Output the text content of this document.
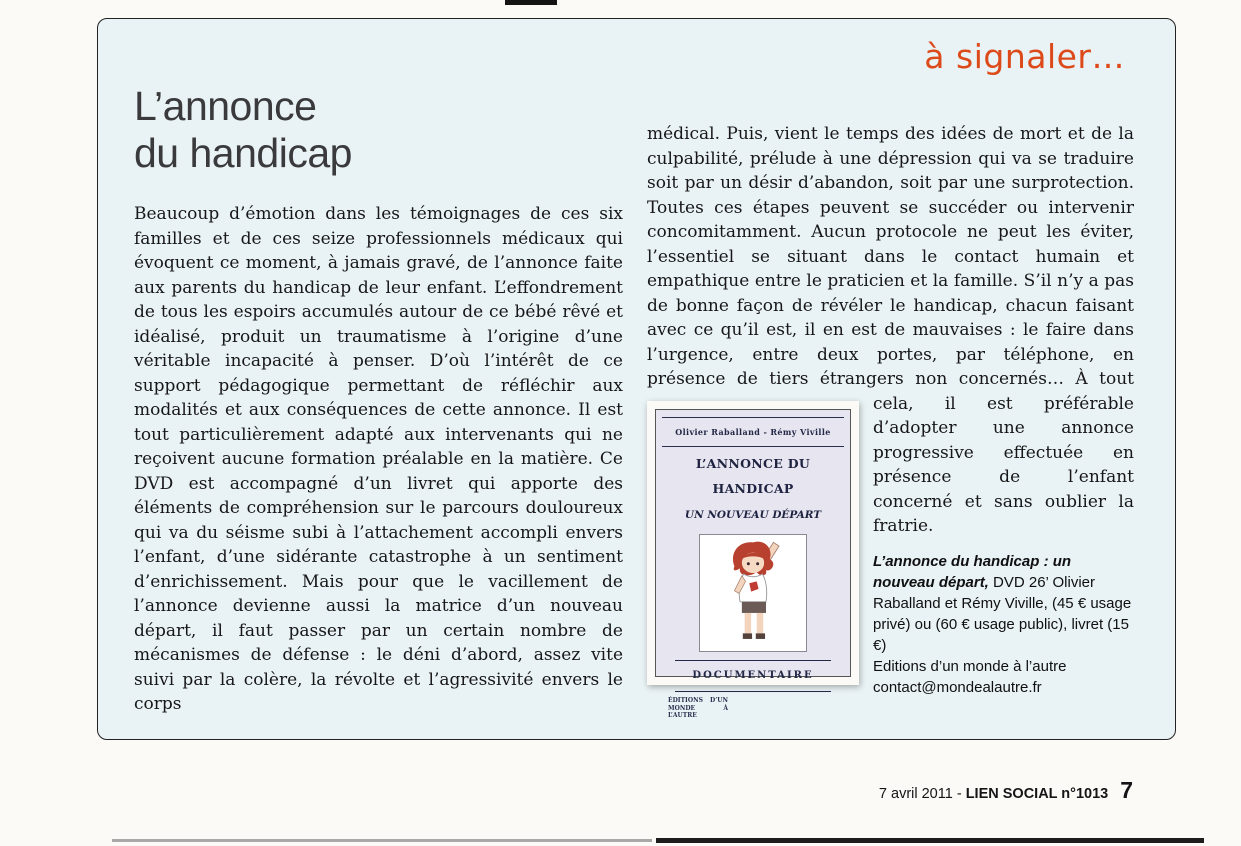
à signaler…
L’annonce
du handicap
Beaucoup d’émotion dans les témoignages de ces six familles et de ces seize professionnels médicaux qui évoquent ce moment, à jamais gravé, de l’annonce faite aux parents du handicap de leur enfant. L’effondrement de tous les espoirs accumulés autour de ce bébé rêvé et idéalisé, produit un traumatisme à l’origine d’une véritable incapacité à penser. D’où l’intérêt de ce support pédagogique permettant de réfléchir aux modalités et aux conséquences de cette annonce. Il est tout particulièrement adapté aux intervenants qui ne reçoivent aucune formation préalable en la matière. Ce DVD est accompagné d’un livret qui apporte des éléments de compréhension sur le parcours douloureux qui va du séisme subi à l’attachement accompli envers l’enfant, d’une sidérante catastrophe à un sentiment d’enrichissement. Mais pour que le vacillement de l’annonce devienne aussi la matrice d’un nouveau départ, il faut passer par un certain nombre de mécanismes de défense : le déni d’abord, assez vite suivi par la colère, la révolte et l’agressivité envers le corps
médical. Puis, vient le temps des idées de mort et de la culpabilité, prélude à une dépression qui va se traduire soit par un désir d’abandon, soit par une surprotection. Toutes ces étapes peuvent se succéder ou intervenir concomitamment. Aucun protocole ne peut les éviter, l’essentiel se situant dans le contact humain et empathique entre le praticien et la famille. S’il n’y a pas de bonne façon de révéler le handicap, chacun faisant avec ce qu’il est, il en est de mauvaises : le faire dans l’urgence, entre deux portes, par téléphone, en présence de tiers étrangers non concernés… À tout
Olivier Raballand - Rémy Viville
L’ANNONCE DU HANDICAP
UN NOUVEAU DÉPART
DOCUMENTAIRE
ÉDITIONS D’UN MONDE À L’AUTRE
cela, il est préférable d’adopter une annonce progressive effectuée en présence de l’enfant concerné et sans oublier la fratrie.
L’annonce du handicap : un nouveau départ, DVD 26’ Olivier Raballand et Rémy Viville, (45 € usage privé) ou (60 € usage public), livret (15 €)
Editions d’un monde à l’autre
contact@mondealautre.fr
7 avril 2011 - LIEN SOCIAL n°1013 7
